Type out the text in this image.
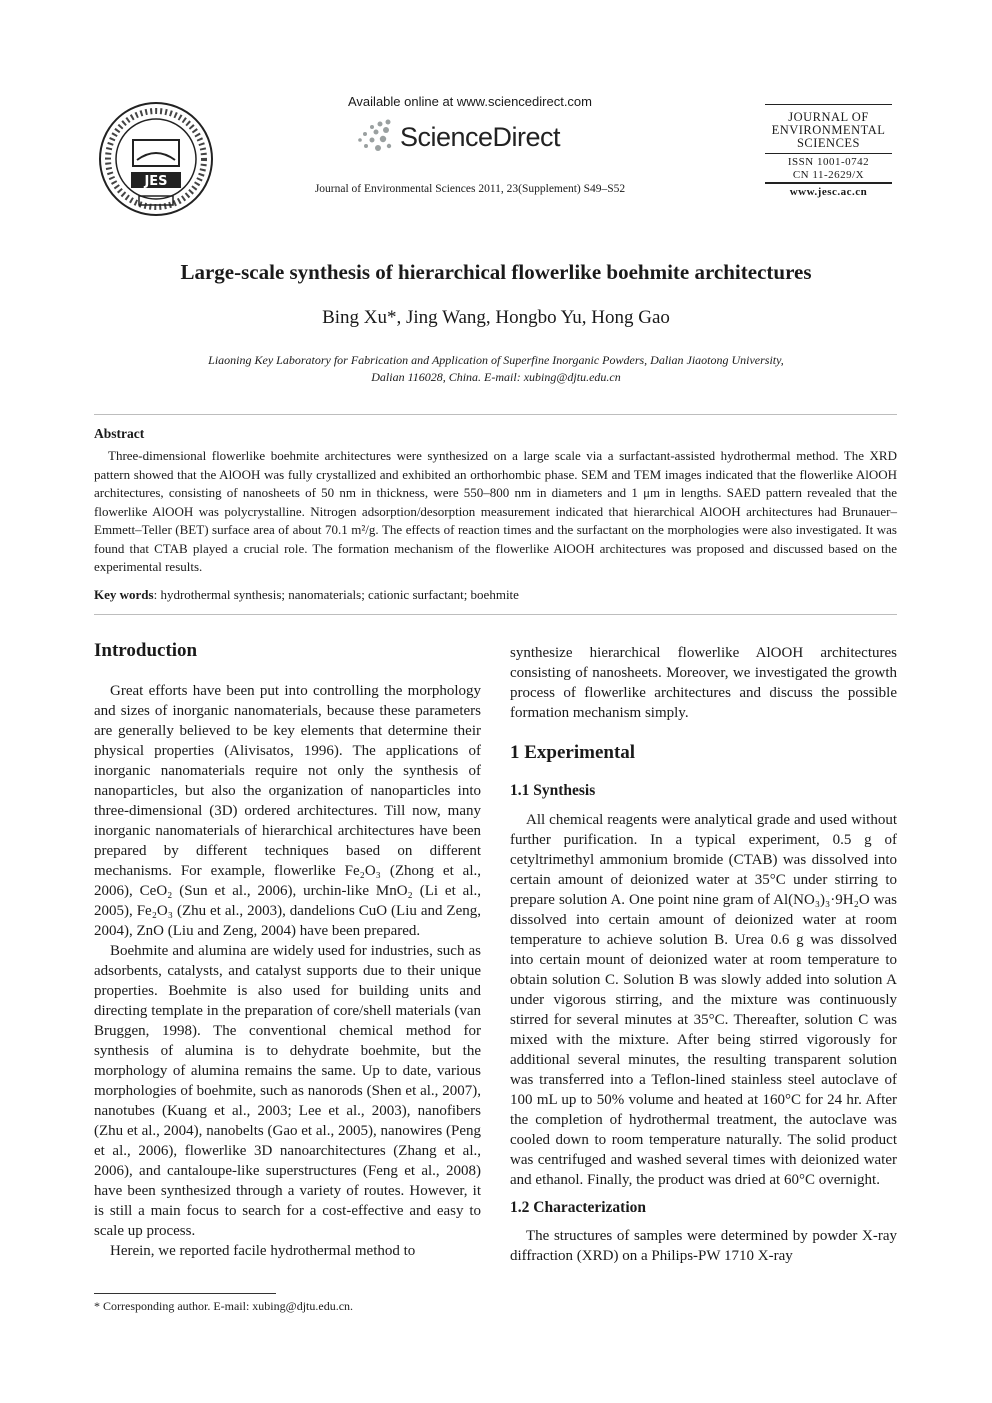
JES
Available online at www.sciencedirect.com
ScienceDirect
Journal of Environmental Sciences 2011, 23(Supplement) S49–S52
JOURNAL OF
ENVIRONMENTAL
SCIENCES
ISSN 1001-0742
CN 11-2629/X
www.jesc.ac.cn
Large-scale synthesis of hierarchical flowerlike boehmite architectures
Bing Xu*, Jing Wang, Hongbo Yu, Hong Gao
Liaoning Key Laboratory for Fabrication and Application of Superfine Inorganic Powders, Dalian Jiaotong University,
Dalian 116028, China. E-mail: xubing@djtu.edu.cn
Abstract
Three-dimensional flowerlike boehmite architectures were synthesized on a large scale via a surfactant-assisted hydrothermal method. The XRD pattern showed that the AlOOH was fully crystallized and exhibited an orthorhombic phase. SEM and TEM images indicated that the flowerlike AlOOH architectures, consisting of nanosheets of 50 nm in thickness, were 550–800 nm in diameters and 1 μm in lengths. SAED pattern revealed that the flowerlike AlOOH was polycrystalline. Nitrogen adsorption/desorption measurement indicated that hierarchical AlOOH architectures had Brunauer–Emmett–Teller (BET) surface area of about 70.1 m²/g. The effects of reaction times and the surfactant on the morphologies were also investigated. It was found that CTAB played a crucial role. The formation mechanism of the flowerlike AlOOH architectures was proposed and discussed based on the experimental results.
Key words: hydrothermal synthesis; nanomaterials; cationic surfactant; boehmite
Introduction

Great efforts have been put into controlling the morphology and sizes of inorganic nanomaterials, because these parameters are generally believed to be key elements that determine their physical properties (Alivisatos, 1996). The applications of inorganic nanomaterials require not only the synthesis of nanoparticles, but also the organization of nanoparticles into three-dimensional (3D) ordered architectures. Till now, many inorganic nanomaterials of hierarchical architectures have been prepared by different techniques based on different mechanisms. For example, flowerlike Fe₂O₃ (Zhong et al., 2006), CeO₂ (Sun et al., 2006), urchin-like MnO₂ (Li et al., 2005), Fe₂O₃ (Zhu et al., 2003), dandelions CuO (Liu and Zeng, 2004), ZnO (Liu and Zeng, 2004) have been prepared.

Boehmite and alumina are widely used for industries, such as adsorbents, catalysts, and catalyst supports due to their unique properties. Boehmite is also used for building units and directing template in the preparation of core/shell materials (van Bruggen, 1998). The conventional chemical method for synthesis of alumina is to dehydrate boehmite, but the morphology of alumina remains the same. Up to date, various morphologies of boehmite, such as nanorods (Shen et al., 2007), nanotubes (Kuang et al., 2003; Lee et al., 2003), nanofibers (Zhu et al., 2004), nanobelts (Gao et al., 2005), nanowires (Peng et al., 2006), flowerlike 3D nanoarchitectures (Zhang et al., 2006), and cantaloupe-like superstructures (Feng et al., 2008) have been synthesized through a variety of routes. However, it is still a main focus to search for a cost-effective and easy to scale up process.

Herein, we reported facile hydrothermal method to

synthesize hierarchical flowerlike AlOOH architectures consisting of nanosheets. Moreover, we investigated the growth process of flowerlike architectures and discuss the possible formation mechanism simply.

1 Experimental
1.1 Synthesis

All chemical reagents were analytical grade and used without further purification. In a typical experiment, 0.5 g of cetyltrimethyl ammonium bromide (CTAB) was dissolved into certain amount of deionized water at 35°C under stirring to prepare solution A. One point nine gram of Al(NO₃)₃·9H₂O was dissolved into certain amount of deionized water at room temperature to achieve solution B. Urea 0.6 g was dissolved into certain mount of deionized water at room temperature to obtain solution C. Solution B was slowly added into solution A under vigorous stirring, and the mixture was continuously stirred for several minutes at 35°C. Thereafter, solution C was mixed with the mixture. After being stirred vigorously for additional several minutes, the resulting transparent solution was transferred into a Teflon-lined stainless steel autoclave of 100 mL up to 50% volume and heated at 160°C for 24 hr. After the completion of hydrothermal treatment, the autoclave was cooled down to room temperature naturally. The solid product was centrifuged and washed several times with deionized water and ethanol. Finally, the product was dried at 60°C overnight.

1.2 Characterization

The structures of samples were determined by powder X-ray diffraction (XRD) on a Philips-PW 1710 X-ray

* Corresponding author. E-mail: xubing@djtu.edu.cn.
